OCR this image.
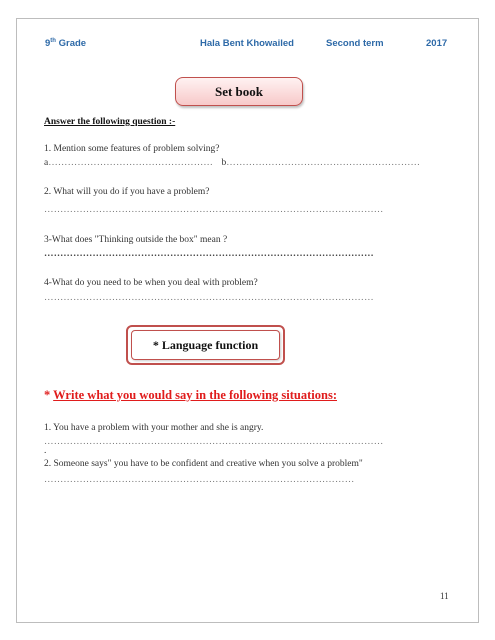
9th Grade	Hala Bent Khowailed	Second term	2017
Set book
Answer the following question :-
1. Mention some features of problem solving?
a…………………………………………… b……………………………………………………
2. What will you do if you have a problem?
……………………………………………………………………………………………
3-What does "Thinking outside the box" mean ?
…………………………………………………………………………………………
4-What do you need to be when you deal with problem?
…………………………………………………………………………………………
* Language function
* Write what you would say in the following situations:
1. You have a problem with your mother and she is angry.
……………………………………………………………………………………………
.
2. Someone says" you have to be confident and creative when you solve a problem"
……………………………………………………………………………………
11
